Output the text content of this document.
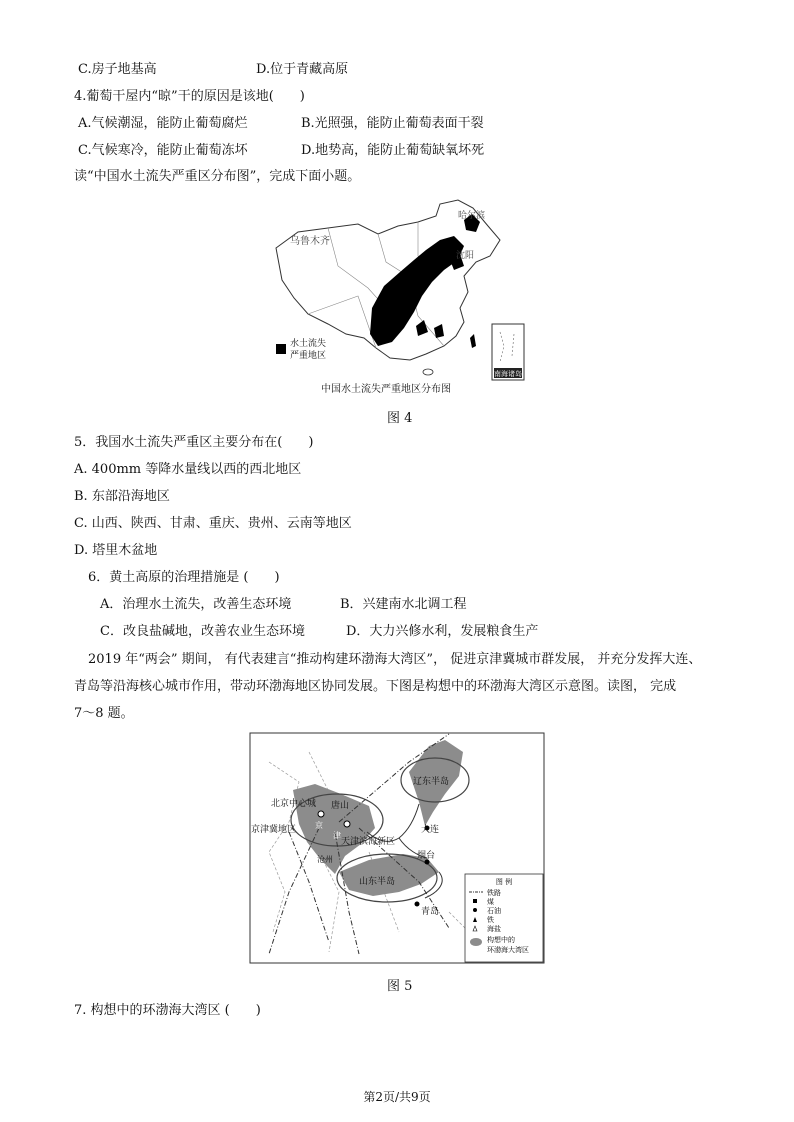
C.房子地基高	D.位于青藏高原
4.葡萄干屋内“晾”干的原因是该地(　　)
A.气候潮湿，能防止葡萄腐烂	B.光照强，能防止葡萄表面干裂
C.气候寒冷，能防止葡萄冻坏	D.地势高，能防止葡萄缺氧坏死
读“中国水土流失严重区分布图”，完成下面小题。
南海诸岛
乌鲁木齐
哈尔滨
沈阳
水土流失
严重地区
中国水土流失严重地区分布图
图 4
5．我国水土流失严重区主要分布在(　　)
A. 400mm 等降水量线以西的西北地区
B. 东部沿海地区
C. 山西、陕西、甘肃、重庆、贵州、云南等地区
D. 塔里木盆地
6．黄土高原的治理措施是 (　　)
A．治理水土流失，改善生态环境	B．兴建南水北调工程
C．改良盐碱地，改善农业生态环境	D．大力兴修水利，发展粮食生产
2019 年“两会” 期间， 有代表建言“推动构建环渤海大湾区”， 促进京津冀城市群发展， 并充分发挥大连、
青岛等沿海核心城市作用，带动环渤海地区协同发展。下图是构想中的环渤海大湾区示意图。读图， 完成
7～8 题。
北京中心城 唐山
京
津
京津冀地区
天津滨海新区
沧州
辽东半岛
大连
烟台
山东半岛
青岛
图 例
铁路
煤
石油
铁
海盐
构想中的
环渤海大湾区
图 5
7. 构想中的环渤海大湾区 (　　)
第2页/共9页
